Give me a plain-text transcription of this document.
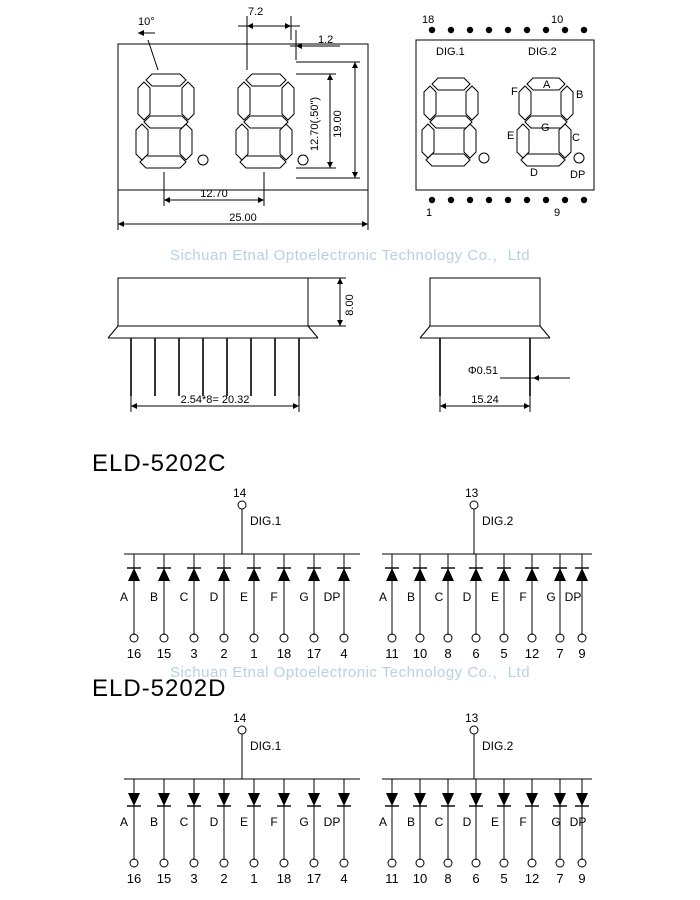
10°
7.2
1.2
19.00
12.70(.50")
12.70
25.00
8.00
2.54*8= 20.32	15.24
Φ0.51
18	10
1	9
DIG.1	DIG.2
A
B
C
D
E
F
G
DP
Sichuan Etnal Optoelectronic Technology Co.，Ltd
Sichuan Etnal Optoelectronic Technology Co.，Ltd
ELD-5202C
ELD-5202D
14
DIG.1
13
DIG.2
A B C D E F G DP	A B C D E F G DP
16 15 3 2 1 18 17 4	11 10 8 6 5 12 7 9
14
DIG.1
13
DIG.2
A B C D E F G DP	A B C D E F G DP
16 15 3 2 1 18 17 4	11 10 8 6 5 12 7 9
